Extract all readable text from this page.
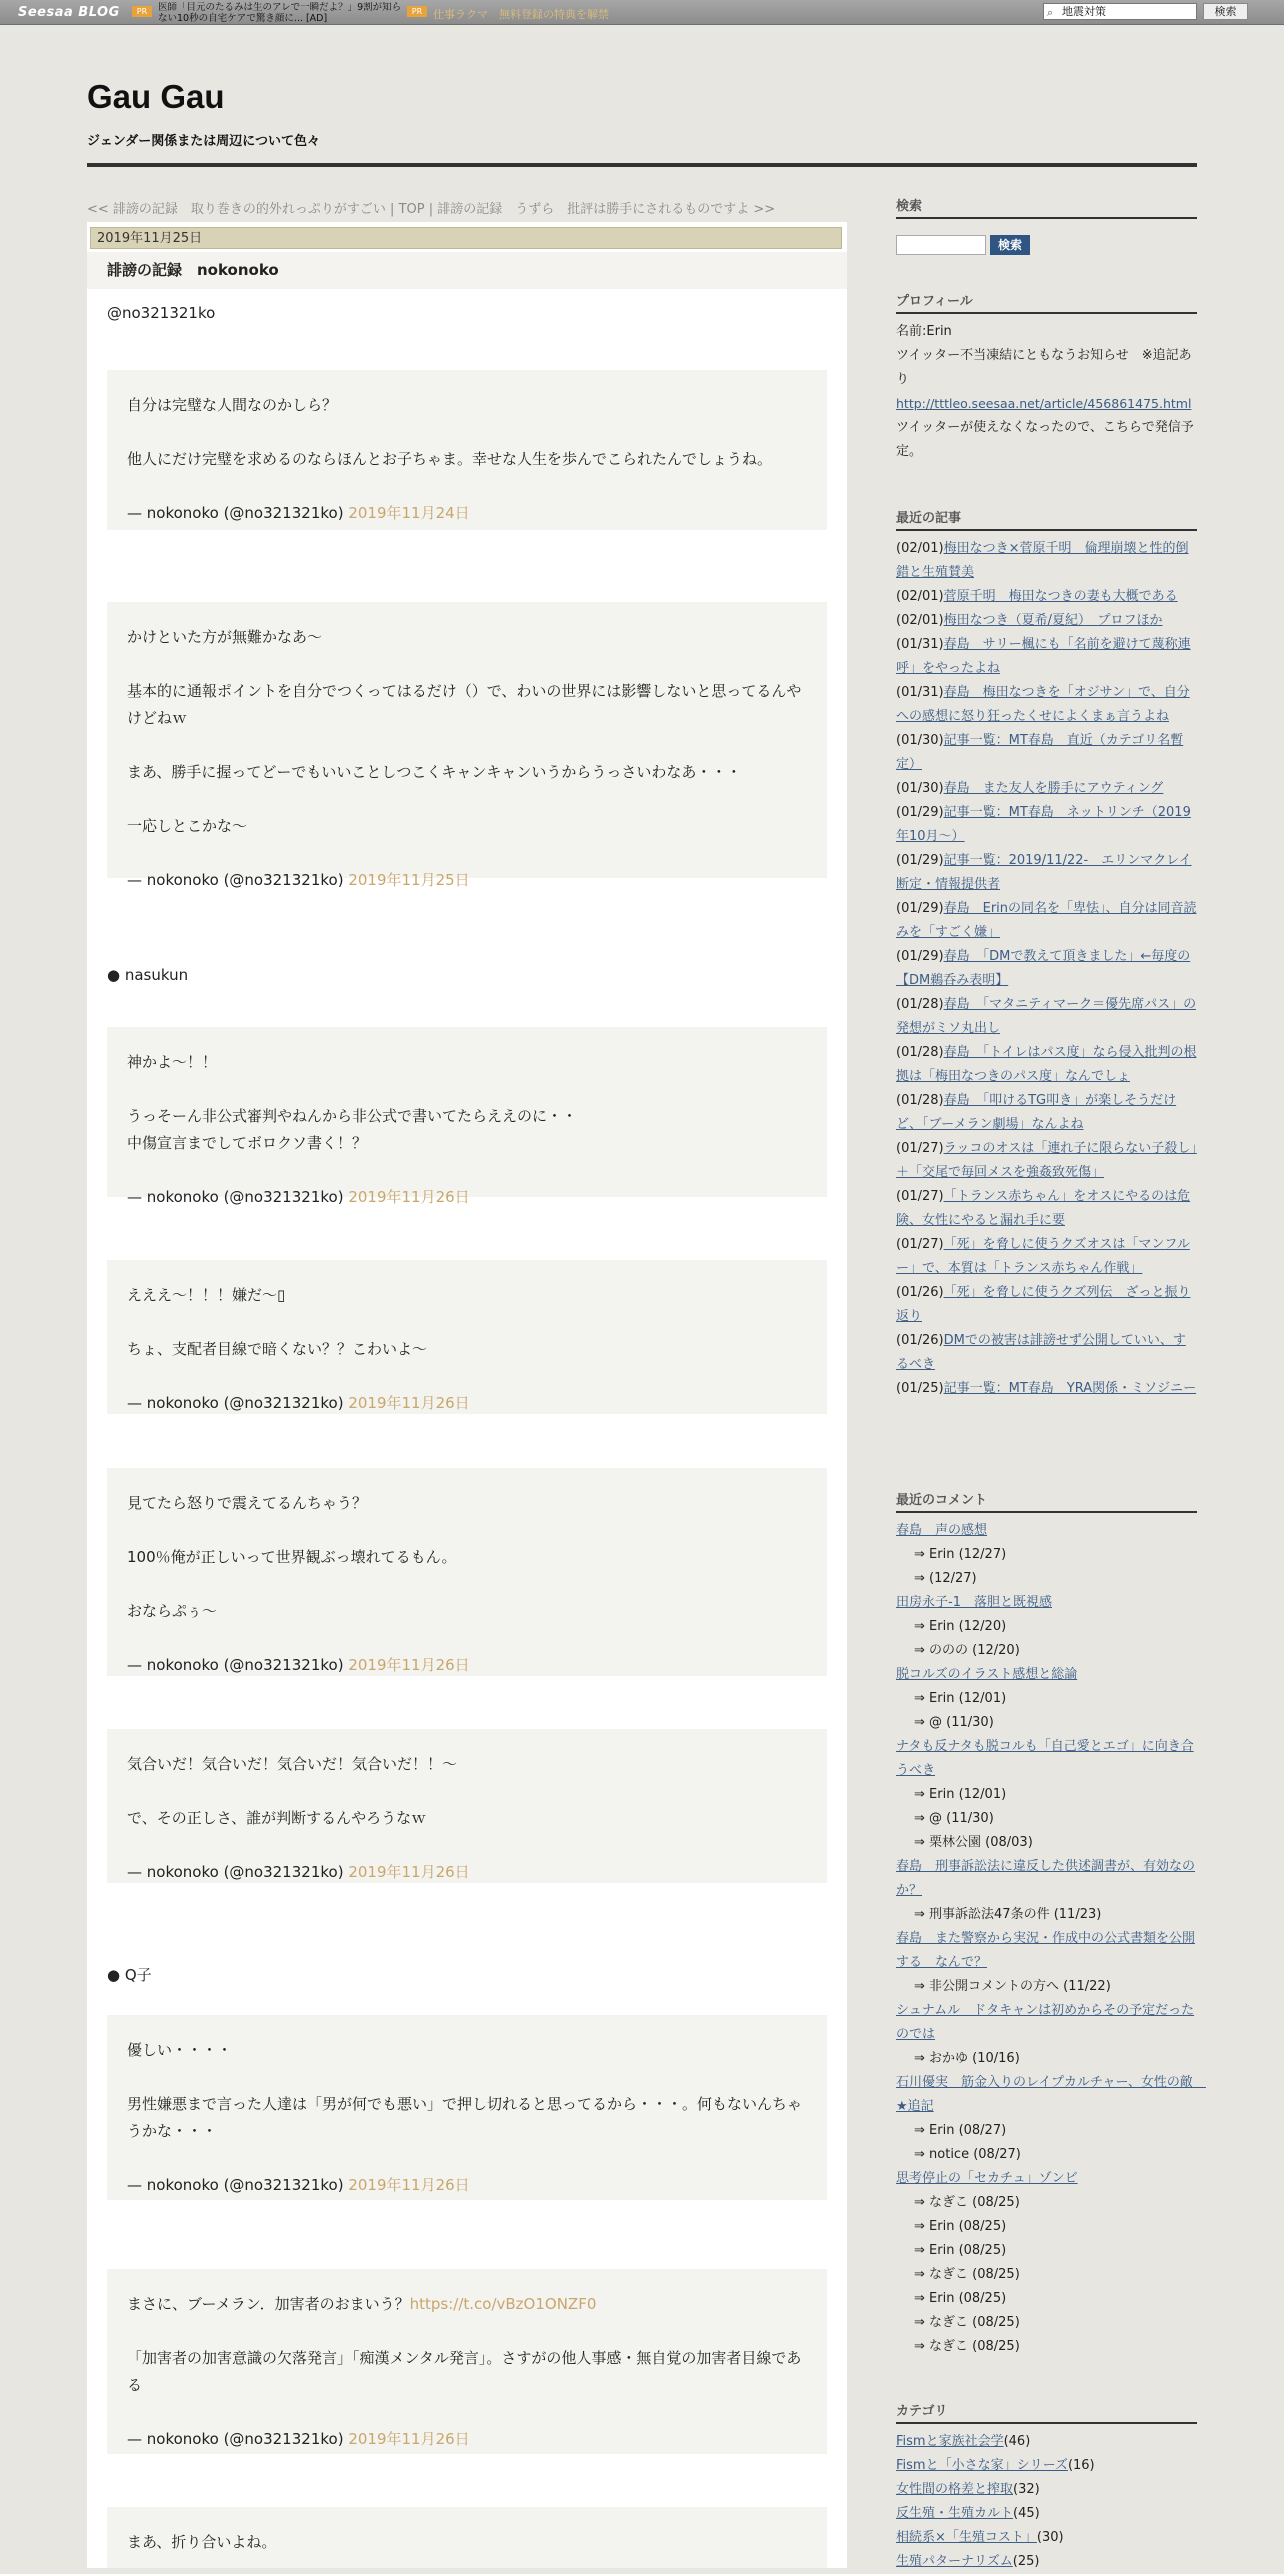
Seesaa BLOG	PR	医師「目元のたるみは生のアレで一瞬だよ？」9割が知らない10秒の自宅ケアで驚き顔に... [AD]
PR 仕事ラクマ　無料登録の特典を解禁	⌕ 地震対策	検索
Gau Gau
ジェンダー関係または周辺について色々
<< 誹謗の記録　取り巻きの的外れっぷりがすごい | TOP | 誹謗の記録　うずら　批評は勝手にされるものですよ >>
2019年11月25日
誹謗の記録　nokonoko
@no321321ko

自分は完璧な人間なのかしら？

他人にだけ完璧を求めるのならほんとお子ちゃま。幸せな人生を歩んでこられたんでしょうね。

— nokonoko (@no321321ko) 2019年11月24日

かけといた方が無難かなあ～

基本的に通報ポイントを自分でつくってはるだけ（）で、わいの世界には影響しないと思ってるんやけどねｗ

まあ、勝手に握ってどーでもいいことしつこくキャンキャンいうからうっさいわなあ・・・

一応しとこかな～

— nokonoko (@no321321ko) 2019年11月25日

● nasukun

神かよ～！！

うっそーん非公式審判やねんから非公式で書いてたらええのに・・
中傷宣言までしてボロクソ書く！？

— nokonoko (@no321321ko) 2019年11月26日

えええ～！！！嫌だ～▯

ちょ、支配者目線で暗くない？？こわいよ～

— nokonoko (@no321321ko) 2019年11月26日

見てたら怒りで震えてるんちゃう？

100％俺が正しいって世界観ぶっ壊れてるもん。

おならぷぅ～

— nokonoko (@no321321ko) 2019年11月26日

気合いだ！気合いだ！気合いだ！気合いだ！！～

で、その正しさ、誰が判断するんやろうなｗ

— nokonoko (@no321321ko) 2019年11月26日

● Q子

優しい・・・・

男性嫌悪まで言った人達は「男が何でも悪い」で押し切れると思ってるから・・・。何もないんちゃうかな・・・

— nokonoko (@no321321ko) 2019年11月26日

まさに、ブーメラン．加害者のおまいう？https://t.co/vBzO1ONZF0

「加害者の加害意識の欠落発言」「痴漢メンタル発言」。さすがの他人事感・無自覚の加害者目線である

— nokonoko (@no321321ko) 2019年11月26日

まあ、折り合いよね。

検索
検索
プロフィール
名前:Erin
ツイッター不当凍結にともなうお知らせ　※追記あり
http://tttleo.seesaa.net/article/456861475.html
ツイッターが使えなくなったので、こちらで発信予定。
最近の記事
(02/01)梅田なつき×菅原千明　倫理崩壊と性的倒錯と生殖賛美
(02/01)菅原千明　梅田なつきの妻も大概である
(02/01)梅田なつき（夏希/夏紀）　プロフほか
(01/31)春島　サリー楓にも「名前を避けて蔑称連呼」をやったよね
(01/31)春島　梅田なつきを「オジサン」で、自分への感想に怒り狂ったくせによくまぁ言うよね
(01/30)記事一覧：MT春島　直近（カテゴリ名暫定）
(01/30)春島　また友人を勝手にアウティング
(01/29)記事一覧：MT春島　ネットリンチ（2019年10月～）
(01/29)記事一覧：2019/11/22-　エリンマクレイ断定・情報提供者
(01/29)春島　Erinの同名を「卑怯」、自分は同音読みを「すごく嫌」
(01/29)春島　「DMで教えて頂きました」←毎度の【DM鵜呑み表明】
(01/28)春島　「マタニティマーク＝優先席パス」の発想がミソ丸出し
(01/28)春島　「トイレはパス度」なら侵入批判の根拠は「梅田なつきのパス度」なんでしょ
(01/28)春島　「叩けるTG叩き」が楽しそうだけど、「ブーメラン劇場」なんよね
(01/27)ラッコのオスは「連れ子に限らない子殺し」＋「交尾で毎回メスを強姦致死傷」
(01/27)「トランス赤ちゃん」をオスにやるのは危険、女性にやると漏れ手に要
(01/27)「死」を脅しに使うクズオスは「マンフルー」で、本質は「トランス赤ちゃん作戦」
(01/26)「死」を脅しに使うクズ列伝　ざっと振り返り
(01/26)DMでの被害は誹謗せず公開していい、するべき
(01/25)記事一覧：MT春島　YRA関係・ミソジニー
最近のコメント
春島　声の感想
⇒ Erin (12/27)
⇒ (12/27)
田房永子-1　落胆と既視感
⇒ Erin (12/20)
⇒ ののの (12/20)
脱コルズのイラスト感想と総論
⇒ Erin (12/01)
⇒ @ (11/30)
ナタも反ナタも脱コルも「自己愛とエゴ」に向き合うべき
⇒ Erin (12/01)
⇒ @ (11/30)
⇒ 栗林公園 (08/03)
春島　刑事訴訟法に違反した供述調書が、有効なのか？
⇒ 刑事訴訟法47条の件 (11/23)
春島　また警察から実況・作成中の公式書類を公開する　なんで？
⇒ 非公開コメントの方へ (11/22)
シュナムル　ドタキャンは初めからその予定だったのでは
⇒ おかゆ (10/16)
石川優実　筋金入りのレイプカルチャー、女性の敵　★追記
⇒ Erin (08/27)
⇒ notice (08/27)
思考停止の「セカチュ」ゾンビ
⇒ なぎこ (08/25)
⇒ Erin (08/25)
⇒ Erin (08/25)
⇒ なぎこ (08/25)
⇒ Erin (08/25)
⇒ なぎこ (08/25)
⇒ なぎこ (08/25)
カテゴリ
Fismと家族社会学(46)
Fismと「小さな家」シリーズ(16)
女性間の格差と搾取(32)
反生殖・生殖カルト(45)
相続系×「生殖コスト」(30)
生殖パターナリズム(25)
